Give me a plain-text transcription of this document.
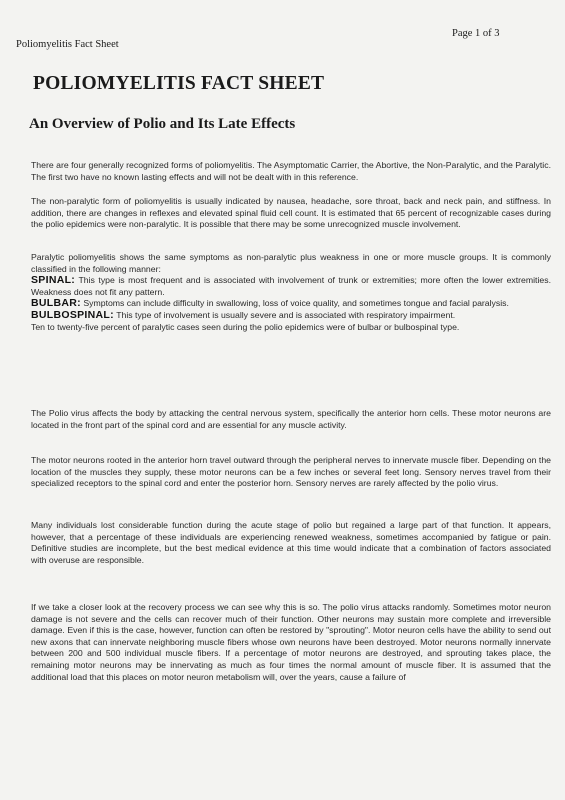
Poliomyelitis Fact Sheet
Page 1 of 3
POLIOMYELITIS FACT SHEET
An Overview of Polio and Its Late Effects

There are four generally recognized forms of poliomyelitis. The Asymptomatic Carrier, the Abortive, the Non-Paralytic, and the Paralytic. The first two have no known lasting effects and will not be dealt with in this reference.

The non-paralytic form of poliomyelitis is usually indicated by nausea, headache, sore throat, back and neck pain, and stiffness. In addition, there are changes in reflexes and elevated spinal fluid cell count. It is estimated that 65 percent of recognizable cases during the polio epidemics were non-paralytic. It is possible that there may be some unrecognized muscle involvement.

Paralytic poliomyelitis shows the same symptoms as non-paralytic plus weakness in one or more muscle groups. It is commonly classified in the following manner:
SPINAL: This type is most frequent and is associated with involvement of trunk or extremities; more often the lower extremities. Weakness does not fit any pattern.
BULBAR: Symptoms can include difficulty in swallowing, loss of voice quality, and sometimes tongue and facial paralysis.
BULBOSPINAL: This type of involvement is usually severe and is associated with respiratory impairment.
Ten to twenty-five percent of paralytic cases seen during the polio epidemics were of bulbar or bulbospinal type.

The Polio virus affects the body by attacking the central nervous system, specifically the anterior horn cells. These motor neurons are located in the front part of the spinal cord and are essential for any muscle activity.

The motor neurons rooted in the anterior horn travel outward through the peripheral nerves to innervate muscle fiber. Depending on the location of the muscles they supply, these motor neurons can be a few inches or several feet long. Sensory nerves travel from their specialized receptors to the spinal cord and enter the posterior horn. Sensory nerves are rarely affected by the polio virus.

Many individuals lost considerable function during the acute stage of polio but regained a large part of that function. It appears, however, that a percentage of these individuals are experiencing renewed weakness, sometimes accompanied by fatigue or pain. Definitive studies are incomplete, but the best medical evidence at this time would indicate that a combination of factors associated with overuse are responsible.

If we take a closer look at the recovery process we can see why this is so. The polio virus attacks randomly. Sometimes motor neuron damage is not severe and the cells can recover much of their function. Other neurons may sustain more complete and irreversible damage. Even if this is the case, however, function can often be restored by "sprouting". Motor neuron cells have the ability to send out new axons that can innervate neighboring muscle fibers whose own neurons have been destroyed. Motor neurons normally innervate between 200 and 500 individual muscle fibers. If a percentage of motor neurons are destroyed, and sprouting takes place, the remaining motor neurons may be innervating as much as four times the normal amount of muscle fiber. It is assumed that the additional load that this places on motor neuron metabolism will, over the years, cause a failure of
